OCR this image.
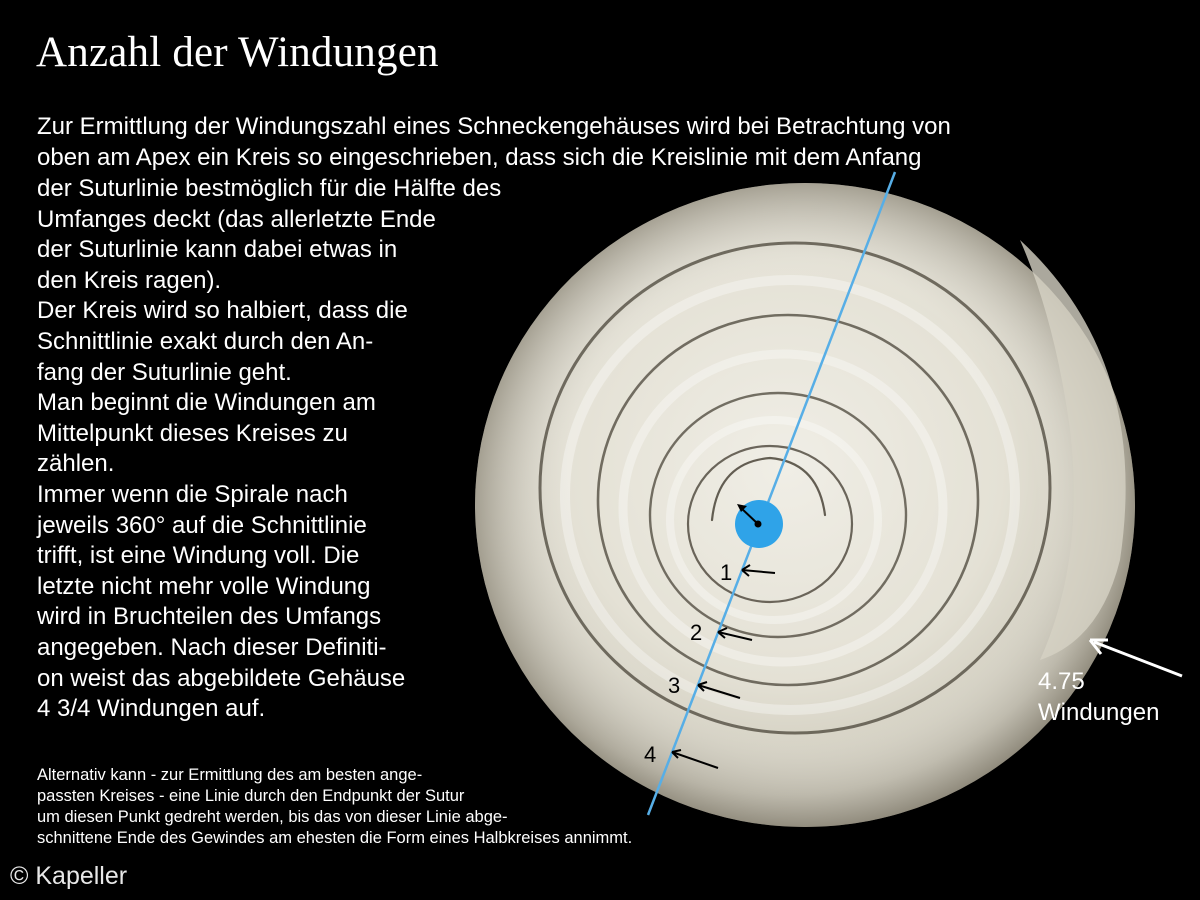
1
2
3
4
Anzahl der Windungen

Zur Ermittlung der Windungszahl eines Schneckengehäuses wird bei Betrachtung von
oben am Apex ein Kreis so eingeschrieben, dass sich die Kreislinie mit dem Anfang

der Suturlinie bestmöglich für die Hälfte des
Umfanges deckt (das allerletzte Ende
der Suturlinie kann dabei etwas in
den Kreis ragen).
Der Kreis wird so halbiert, dass die
Schnittlinie exakt durch den An-
fang der Suturlinie geht.
Man beginnt die Windungen am
Mittelpunkt dieses Kreises zu
zählen.
Immer wenn die Spirale nach
jeweils 360° auf die Schnittlinie
trifft, ist eine Windung voll. Die
letzte nicht mehr volle Windung
wird in Bruchteilen des Umfangs
angegeben. Nach dieser Definiti-
on weist das abgebildete Gehäuse
4 3/4 Windungen auf.

Alternativ kann - zur Ermittlung des am besten ange-
passten Kreises - eine Linie durch den Endpunkt der Sutur
um diesen Punkt gedreht werden, bis das von dieser Linie abge-
schnittene Ende des Gewindes am ehesten die Form eines Halbkreises annimmt.

4.75
Windungen
© Kapeller
